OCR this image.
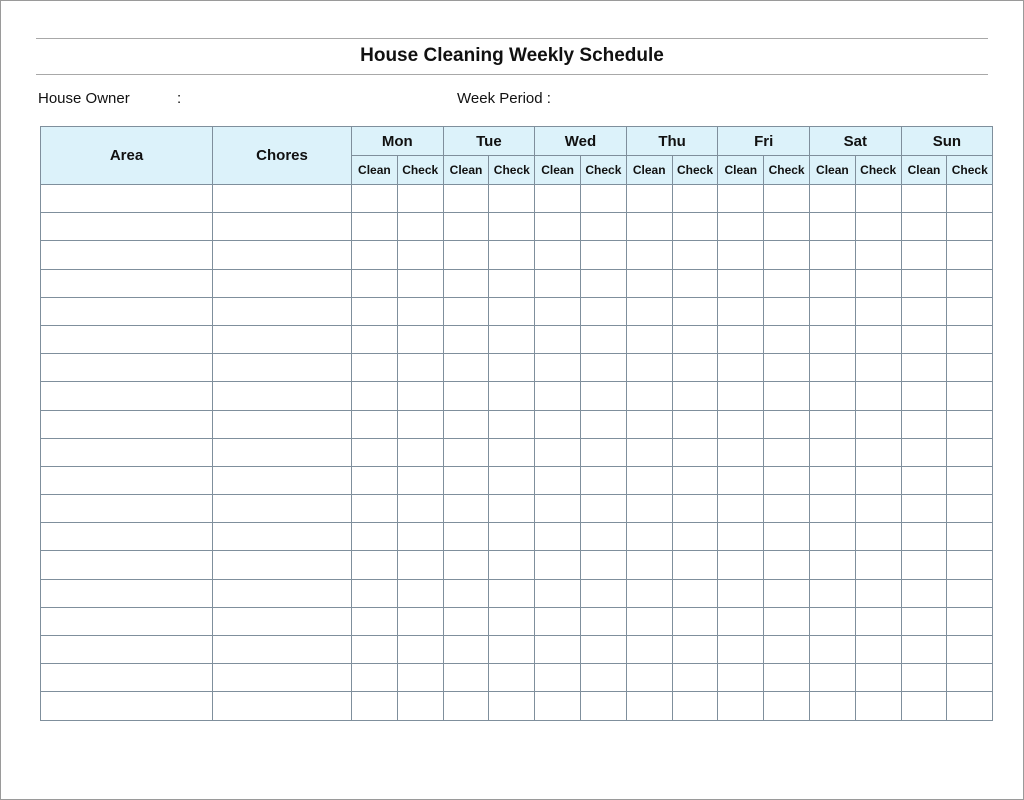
House Cleaning Weekly Schedule
House Owner	:	Week Period :
Area	Chores	Mon		Tue		Wed		Thu		Fri		Sat		Sun	
		Clean	Check	Clean	Check	Clean	Check	Clean	Check	Clean	Check	Clean	Check	Clean	Check
